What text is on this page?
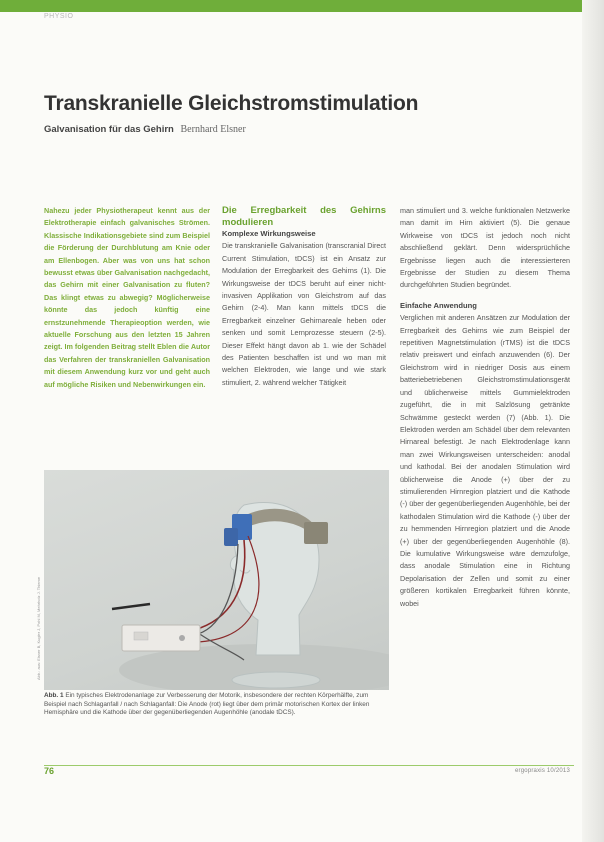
PHYSIO
Transkranielle Gleichstromstimulation
Galvanisation für das Gehirn Bernhard Elsner

Nahezu jeder Physiotherapeut kennt aus der Elektrotherapie einfach galvanisches Strömen. Klassische Indikationsgebiete sind zum Beispiel die Förderung der Durchblutung am Knie oder am Ellenbogen. Aber was von uns hat schon bewusst etwas über Galvanisation nachgedacht, das Gehirn mit einer Galvanisation zu fluten? Das klingt etwas zu abwegig? Möglicherweise könnte das jedoch künftig eine ernstzunehmende Therapieoption werden, wie aktuelle Forschung aus den letzten 15 Jahren zeigt. Im folgenden Beitrag stellt Eblen die Autor das Verfahren der transkraniellen Galvanisation mit diesem Anwendung kurz vor und geht auch auf mögliche Risiken und Nebenwirkungen ein.

Die Erregbarkeit des Gehirns modulieren

Komplexe Wirkungsweise

Die transkranielle Galvanisation (transcranial Direct Current Stimulation, tDCS) ist ein Ansatz zur Modulation der Erregbarkeit des Gehirns (1). Die Wirkungsweise der tDCS beruht auf einer nicht-invasiven Applikation von Gleichstrom auf das Gehirn (2-4). Man kann mittels tDCS die Erregbarkeit einzelner Gehirnareale heben oder senken und somit Lernprozesse steuern (2-5). Dieser Effekt hängt davon ab 1. wie der Schädel des Patienten beschaffen ist und wo man mit welchen Elektroden, wie lange und wie stark stimuliert, 2. während welcher Tätigkeit

man stimuliert und 3. welche funktionalen Netzwerke man damit im Hirn aktiviert (5). Die genaue Wirkweise von tDCS ist jedoch noch nicht abschließend geklärt. Denn widersprüchliche Ergebnisse liegen auch die interessierteren Ergebnisse der Studien zu diesem Thema durchgeführten Studien begründet.

Einfache Anwendung

Verglichen mit anderen Ansätzen zur Modulation der Erregbarkeit des Gehirns wie zum Beispiel der repetitiven Magnetstimulation (rTMS) ist die tDCS relativ preiswert und einfach anzuwenden (6). Der Gleichstrom wird in niedriger Dosis aus einem batteriebetriebenen Gleichstromstimulationsgerät und üblicherweise mittels Gummielektroden zugeführt, die in mit Salzlösung getränkte Schwämme gesteckt werden (7) (Abb. 1). Die Elektroden werden am Schädel über dem relevanten Hirnareal befestigt. Je nach Elektrodenlage kann man zwei Wirkungsweisen unterscheiden: anodal und kathodal. Bei der anodalen Stimulation wird üblicherweise die Anode (+) über der zu stimulierenden Hirnregion platziert und die Kathode (-) über der gegenüberliegenden Augenhöhle, bei der kathodalen Stimulation wird die Kathode (-) über der zu hemmenden Hirnregion platziert und die Anode (+) über der gegenüberliegenden Augenhöhle (8). Die kumulative Wirkungsweise wäre demzufolge, dass anodale Stimulation eine in Richtung Depolarisation der Zellen und somit zu einer größeren kortikalen Erregbarkeit führen könnte, wobei

Abb.: aus: Elsner B, Kugler J, Pohl M, Mehrholz J. Thieme
Abb. 1 Ein typisches Elektrodenanlage zur Verbesserung der Motorik, insbesondere der rechten Körperhälfte, zum Beispiel nach Schlaganfall / nach Schlaganfall: Die Anode (rot) liegt über dem primär motorischen Kortex der linken Hemisphäre und die Kathode über der gegenüberliegenden Augenhöhle (anodale tDCS).
76	ergopraxis 10/2013
